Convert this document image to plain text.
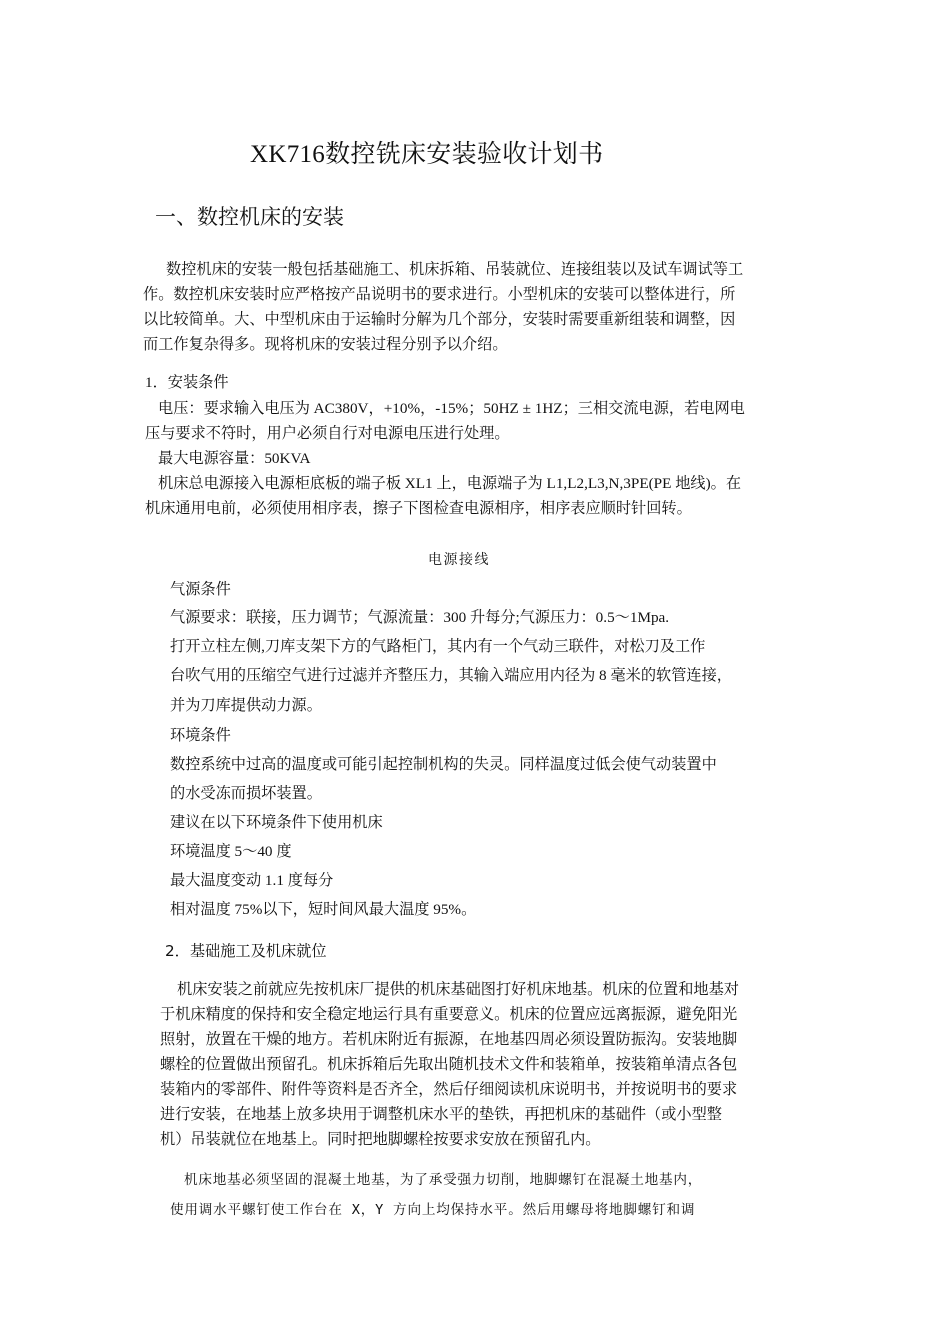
XK716数控铣床安装验收计划书
一、数控机床的安装
数控机床的安装一般包括基础施工、机床拆箱、吊装就位、连接组装以及试车调试等工
作。数控机床安装时应严格按产品说明书的要求进行。小型机床的安装可以整体进行，所
以比较简单。大、中型机床由于运输时分解为几个部分，安装时需要重新组装和调整，因
而工作复杂得多。现将机床的安装过程分别予以介绍。
1．安装条件
电压：要求输入电压为 AC380V，+10%，-15%；50HZ ± 1HZ；三相交流电源，若电网电
压与要求不符时，用户必须自行对电源电压进行处理。
最大电源容量：50KVA
机床总电源接入电源柜底板的端子板 XL1 上，电源端子为 L1,L2,L3,N,3PE(PE 地线)。在
机床通用电前，必须使用相序表，擦子下图检查电源相序，相序表应顺时针回转。
电源接线
气源条件
气源要求：联接，压力调节；气源流量：300 升每分;气源压力：0.5～1Mpa.
打开立柱左侧,刀库支架下方的气路柜门，其内有一个气动三联件，对松刀及工作
台吹气用的压缩空气进行过滤并齐整压力，其输入端应用内径为 8 毫米的软管连接，
并为刀库提供动力源。
环境条件
数控系统中过高的温度或可能引起控制机构的失灵。同样温度过低会使气动装置中
的水受冻而损坏装置。
建议在以下环境条件下使用机床
环境温度 5～40 度
最大温度变动 1.1 度每分
相对温度 75%以下，短时间风最大温度 95%。
2．基础施工及机床就位
机床安装之前就应先按机床厂提供的机床基础图打好机床地基。机床的位置和地基对
于机床精度的保持和安全稳定地运行具有重要意义。机床的位置应远离振源，避免阳光
照射，放置在干燥的地方。若机床附近有振源，在地基四周必须设置防振沟。安装地脚
螺栓的位置做出预留孔。机床拆箱后先取出随机技术文件和装箱单，按装箱单清点各包
装箱内的零部件、附件等资料是否齐全，然后仔细阅读机床说明书，并按说明书的要求
进行安装，在地基上放多块用于调整机床水平的垫铁，再把机床的基础件（或小型整
机）吊装就位在地基上。同时把地脚螺栓按要求安放在预留孔内。
机床地基必须坚固的混凝土地基，为了承受强力切削，地脚螺钉在混凝土地基内，
使用调水平螺钉使工作台在 X，Y 方向上均保持水平。然后用螺母将地脚螺钉和调
